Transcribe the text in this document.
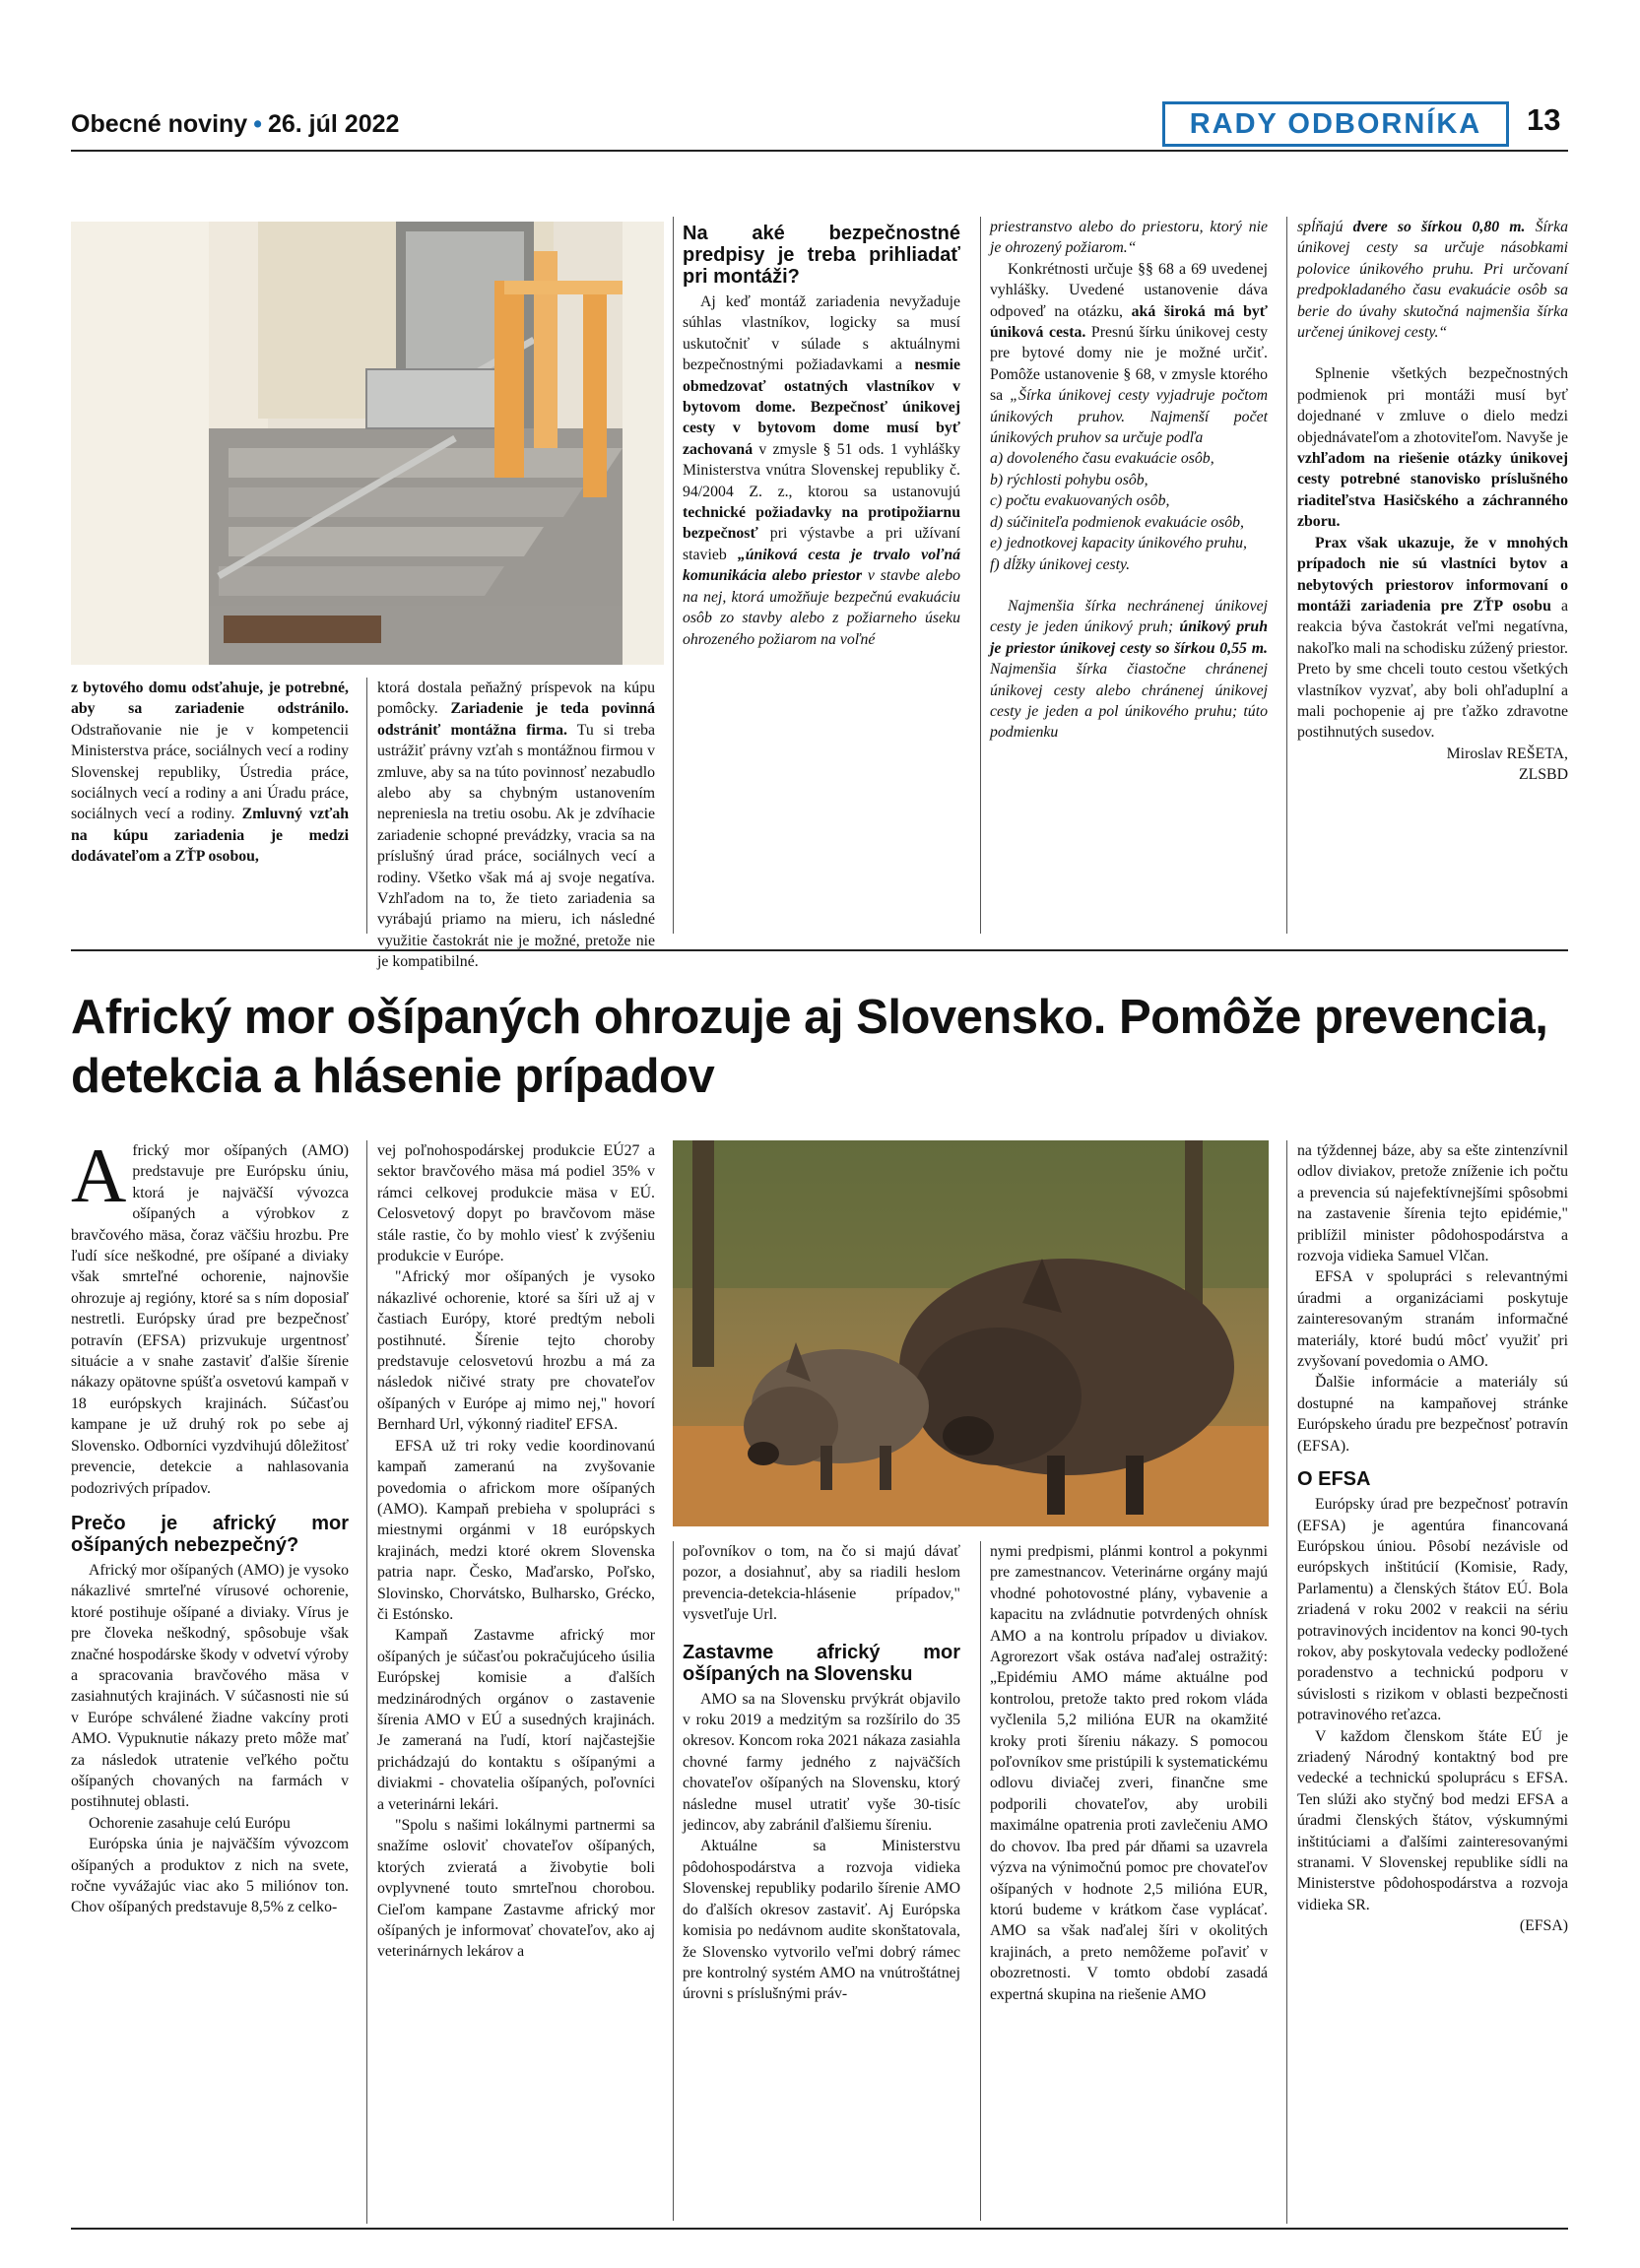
Obecné noviny • 26. júl 2022	RADY ODBORNÍKA	13

z bytového domu odsťahuje, je potrebné, aby sa zariadenie odstránilo. Odstraňovanie nie je v kompetencii Ministerstva práce, sociálnych vecí a rodiny Slovenskej republiky, Ústredia práce, sociálnych vecí a rodiny a ani Úradu práce, sociálnych vecí a rodiny. Zmluvný vzťah na kúpu zariadenia je medzi dodávateľom a ZŤP osobou,

ktorá dostala peňažný príspevok na kúpu pomôcky. Zariadenie je teda povinná odstrániť montážna firma. Tu si treba ustrážiť právny vzťah s montážnou firmou v zmluve, aby sa na túto povinnosť nezabudlo alebo aby sa chybným ustanovením nepreniesla na tretiu osobu. Ak je zdvíhacie zariadenie schopné prevádzky, vracia sa na príslušný úrad práce, sociálnych vecí a rodiny. Všetko však má aj svoje negatíva. Vzhľadom na to, že tieto zariadenia sa vyrábajú priamo na mieru, ich následné využitie častokrát nie je možné, pretože nie je kompatibilné.

Na aké bezpečnostné predpisy je treba prihliadať pri montáži?

Aj keď montáž zariadenia nevyžaduje súhlas vlastníkov, logicky sa musí uskutočniť v súlade s aktuálnymi bezpečnostnými požiadavkami a nesmie obmedzovať ostatných vlastníkov v bytovom dome. Bezpečnosť únikovej cesty v bytovom dome musí byť zachovaná v zmysle § 51 ods. 1 vyhlášky Ministerstva vnútra Slovenskej republiky č. 94/2004 Z. z., ktorou sa ustanovujú technické požiadavky na protipožiarnu bezpečnosť pri výstavbe a pri užívaní stavieb „úniková cesta je trvalo voľná komunikácia alebo priestor v stavbe alebo na nej, ktorá umožňuje bezpečnú evakuáciu osôb zo stavby alebo z požiarneho úseku ohrozeného požiarom na voľné

priestranstvo alebo do priestoru, ktorý nie je ohrozený požiarom.“

Konkrétnosti určuje §§ 68 a 69 uvedenej vyhlášky. Uvedené ustanovenie dáva odpoveď na otázku, aká široká má byť úniková cesta. Presnú šírku únikovej cesty pre bytové domy nie je možné určiť. Pomôže ustanovenie § 68, v zmysle ktorého sa „Šírka únikovej cesty vyjadruje počtom únikových pruhov. Najmenší počet únikových pruhov sa určuje podľa

a) dovoleného času evakuácie osôb,

b) rýchlosti pohybu osôb,

c) počtu evakuovaných osôb,

d) súčiniteľa podmienok evakuácie osôb,

e) jednotkovej kapacity únikového pruhu,

f) dĺžky únikovej cesty.

Najmenšia šírka nechránenej únikovej cesty je jeden únikový pruh; únikový pruh je priestor únikovej cesty so šírkou 0,55 m. Najmenšia šírka čiastočne chránenej únikovej cesty alebo chránenej únikovej cesty je jeden a pol únikového pruhu; túto podmienku

spĺňajú dvere so šírkou 0,80 m. Šírka únikovej cesty sa určuje násobkami polovice únikového pruhu. Pri určovaní predpokladaného času evakuácie osôb sa berie do úvahy skutočná najmenšia šírka určenej únikovej cesty.“

Splnenie všetkých bezpečnostných podmienok pri montáži musí byť dojednané v zmluve o dielo medzi objednávateľom a zhotoviteľom. Navyše je vzhľadom na riešenie otázky únikovej cesty potrebné stanovisko príslušného riaditeľstva Hasičského a záchranného zboru.

Prax však ukazuje, že v mnohých prípadoch nie sú vlastníci bytov a nebytových priestorov informovaní o montáži zariadenia pre ZŤP osobu a reakcia býva častokrát veľmi negatívna, nakoľko mali na schodisku zúžený priestor. Preto by sme chceli touto cestou všetkých vlastníkov vyzvať, aby boli ohľaduplní a mali pochopenie aj pre ťažko zdravotne postihnutých susedov.

Miroslav REŠETA,

ZLSBD

Africký mor ošípaných ohrozuje aj Slovensko. Pomôže prevencia, detekcia a hlásenie prípadov

Africký mor ošípaných (AMO) predstavuje pre Európsku úniu, ktorá je najväčší vývozca ošípaných a výrobkov z bravčového mäsa, čoraz väčšiu hrozbu. Pre ľudí síce neškodné, pre ošípané a diviaky však smrteľné ochorenie, najnovšie ohrozuje aj regióny, ktoré sa s ním doposiaľ nestretli. Európsky úrad pre bezpečnosť potravín (EFSA) prizvukuje urgentnosť situácie a v snahe zastaviť ďalšie šírenie nákazy opätovne spúšťa osvetovú kampaň v 18 európskych krajinách. Súčasťou kampane je už druhý rok po sebe aj Slovensko. Odborníci vyzdvihujú dôležitosť prevencie, detekcie a nahlasovania podozrivých prípadov.

Prečo je africký mor ošípaných nebezpečný?

Africký mor ošípaných (AMO) je vysoko nákazlivé smrteľné vírusové ochorenie, ktoré postihuje ošípané a diviaky. Vírus je pre človeka neškodný, spôsobuje však značné hospodárske škody v odvetví výroby a spracovania bravčového mäsa v zasiahnutých krajinách. V súčasnosti nie sú v Európe schválené žiadne vakcíny proti AMO. Vypuknutie nákazy preto môže mať za následok utratenie veľkého počtu ošípaných chovaných na farmách v postihnutej oblasti.

Ochorenie zasahuje celú Európu

Európska únia je najväčším vývozcom ošípaných a produktov z nich na svete, ročne vyvážajúc viac ako 5 miliónov ton. Chov ošípaných predstavuje 8,5% z celko-

vej poľnohospodárskej produkcie EÚ27 a sektor bravčového mäsa má podiel 35% v rámci celkovej produkcie mäsa v EÚ. Celosvetový dopyt po bravčovom mäse stále rastie, čo by mohlo viesť k zvýšeniu produkcie v Európe.

"Africký mor ošípaných je vysoko nákazlivé ochorenie, ktoré sa šíri už aj v častiach Európy, ktoré predtým neboli postihnuté. Šírenie tejto choroby predstavuje celosvetovú hrozbu a má za následok ničivé straty pre chovateľov ošípaných v Európe aj mimo nej," hovorí Bernhard Url, výkonný riaditeľ EFSA.

EFSA už tri roky vedie koordinovanú kampaň zameranú na zvyšovanie povedomia o africkom more ošípaných (AMO). Kampaň prebieha v spolupráci s miestnymi orgánmi v 18 európskych krajinách, medzi ktoré okrem Slovenska patria napr. Česko, Maďarsko, Poľsko, Slovinsko, Chorvátsko, Bulharsko, Grécko, či Estónsko.

Kampaň Zastavme africký mor ošípaných je súčasťou pokračujúceho úsilia Európskej komisie a ďalších medzinárodných orgánov o zastavenie šírenia AMO v EÚ a susedných krajinách. Je zameraná na ľudí, ktorí najčastejšie prichádzajú do kontaktu s ošípanými a diviakmi - chovatelia ošípaných, poľovníci a veterinárni lekári.

"Spolu s našimi lokálnymi partnermi sa snažíme osloviť chovateľov ošípaných, ktorých zvieratá a živobytie boli ovplyvnené touto smrteľnou chorobou. Cieľom kampane Zastavme africký mor ošípaných je informovať chovateľov, ako aj veterinárnych lekárov a

poľovníkov o tom, na čo si majú dávať pozor, a dosiahnuť, aby sa riadili heslom prevencia-detekcia-hlásenie prípadov," vysvetľuje Url.

Zastavme africký mor ošípaných na Slovensku

AMO sa na Slovensku prvýkrát objavilo v roku 2019 a medzitým sa rozšírilo do 35 okresov. Koncom roka 2021 nákaza zasiahla chovné farmy jedného z najväčších chovateľov ošípaných na Slovensku, ktorý následne musel utratiť vyše 30-tisíc jedincov, aby zabránil ďalšiemu šíreniu.

Aktuálne sa Ministerstvu pôdohospodárstva a rozvoja vidieka Slovenskej republiky podarilo šírenie AMO do ďalších okresov zastaviť. Aj Európska komisia po nedávnom audite skonštatovala, že Slovensko vytvorilo veľmi dobrý rámec pre kontrolný systém AMO na vnútroštátnej úrovni s príslušnými práv-

nymi predpismi, plánmi kontrol a pokynmi pre zamestnancov. Veterinárne orgány majú vhodné pohotovostné plány, vybavenie a kapacitu na zvládnutie potvrdených ohnísk AMO a na kontrolu prípadov u diviakov. Agrorezort však ostáva naďalej ostražitý: „Epidémiu AMO máme aktuálne pod kontrolou, pretože takto pred rokom vláda vyčlenila 5,2 milióna EUR na okamžité kroky proti šíreniu nákazy. S pomocou poľovníkov sme pristúpili k systematickému odlovu diviačej zveri, finančne sme podporili chovateľov, aby urobili maximálne opatrenia proti zavlečeniu AMO do chovov. Iba pred pár dňami sa uzavrela výzva na výnimočnú pomoc pre chovateľov ošípaných v hodnote 2,5 milióna EUR, ktorú budeme v krátkom čase vyplácať. AMO sa však naďalej šíri v okolitých krajinách, a preto nemôžeme poľaviť v obozretnosti. V tomto období zasadá expertná skupina na riešenie AMO

na týždennej báze, aby sa ešte zintenzívnil odlov diviakov, pretože zníženie ich počtu a prevencia sú najefektívnejšími spôsobmi na zastavenie šírenia tejto epidémie," priblížil minister pôdohospodárstva a rozvoja vidieka Samuel Vlčan.

EFSA v spolupráci s relevantnými úradmi a organizáciami poskytuje zainteresovaným stranám informačné materiály, ktoré budú môcť využiť pri zvyšovaní povedomia o AMO.

Ďalšie informácie a materiály sú dostupné na kampaňovej stránke Európskeho úradu pre bezpečnosť potravín (EFSA).

O EFSA

Európsky úrad pre bezpečnosť potravín (EFSA) je agentúra financovaná Európskou úniou. Pôsobí nezávisle od európskych inštitúcií (Komisie, Rady, Parlamentu) a členských štátov EÚ. Bola zriadená v roku 2002 v reakcii na sériu potravinových incidentov na konci 90-tych rokov, aby poskytovala vedecky podložené poradenstvo a technickú podporu v súvislosti s rizikom v oblasti bezpečnosti potravinového reťazca.

V každom členskom štáte EÚ je zriadený Národný kontaktný bod pre vedecké a technickú spoluprácu s EFSA. Ten slúži ako styčný bod medzi EFSA a úradmi členských štátov, výskumnými inštitúciami a ďalšími zainteresovanými stranami. V Slovenskej republike sídli na Ministerstve pôdohospodárstva a rozvoja vidieka SR.

(EFSA)
